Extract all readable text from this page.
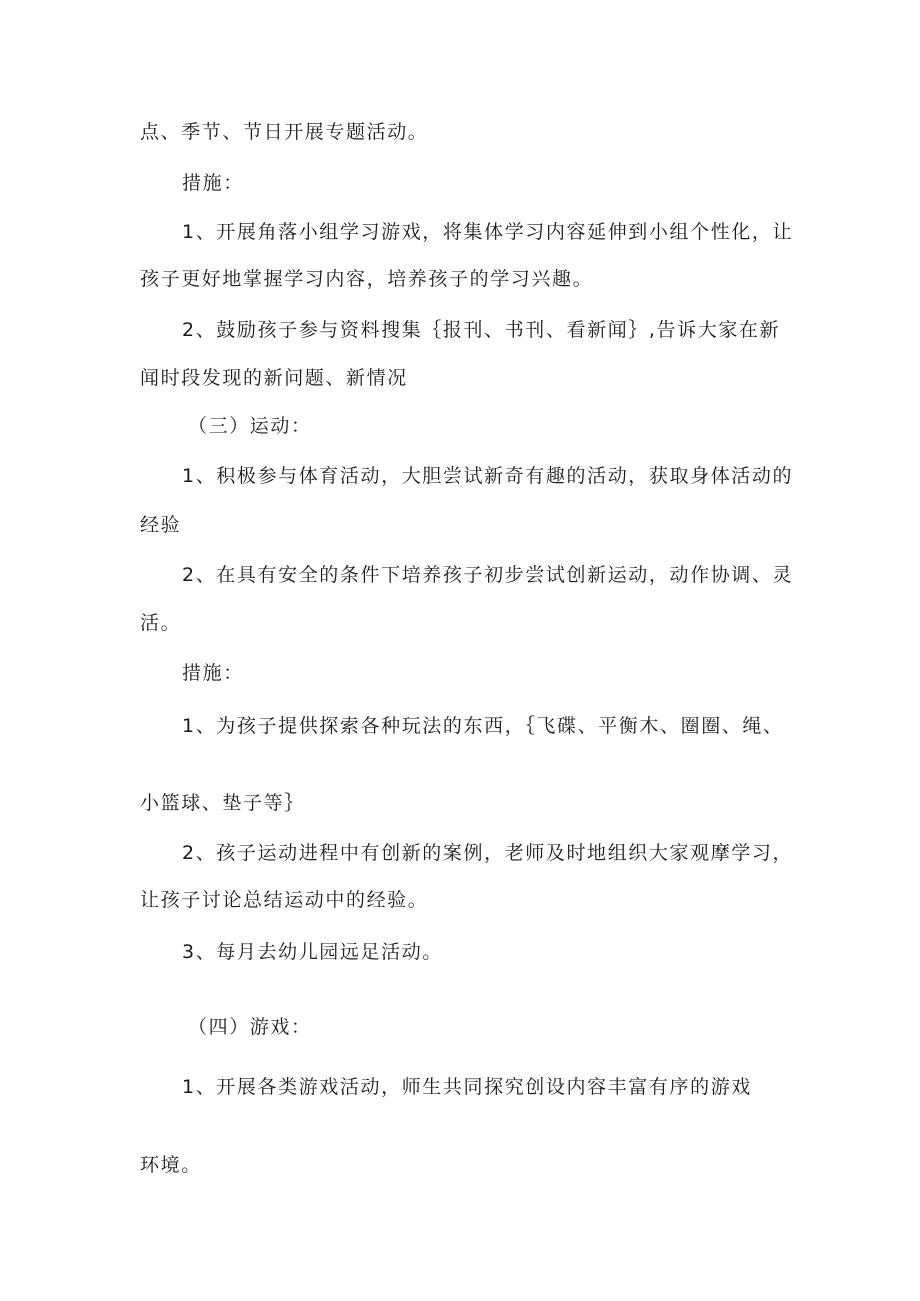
点、季节、节日开展专题活动。
措施：
1、开展角落小组学习游戏，将集体学习内容延伸到小组个性化，让
孩子更好地掌握学习内容，培养孩子的学习兴趣。
2、鼓励孩子参与资料搜集｛报刊、书刊、看新闻｝,告诉大家在新
闻时段发现的新问题、新情况
（三）运动：
1、积极参与体育活动，大胆尝试新奇有趣的活动，获取身体活动的
经验
2、在具有安全的条件下培养孩子初步尝试创新运动，动作协调、灵
活。
措施：
1、为孩子提供探索各种玩法的东西，｛飞碟、平衡木、圈圈、绳、
小篮球、垫子等｝
2、孩子运动进程中有创新的案例，老师及时地组织大家观摩学习，
让孩子讨论总结运动中的经验。
3、每月去幼儿园远足活动。
（四）游戏：
1、开展各类游戏活动，师生共同探究创设内容丰富有序的游戏
环境。
